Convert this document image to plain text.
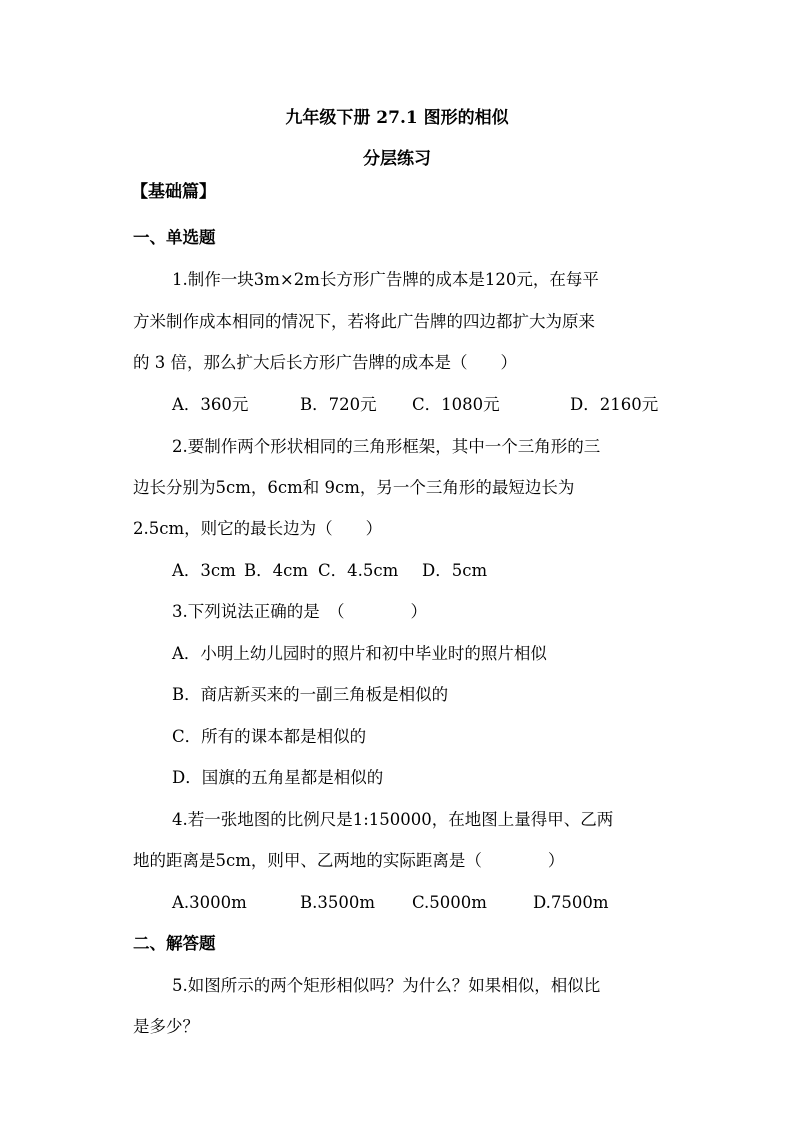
九年级下册 27.1 图形的相似
分层练习
【基础篇】
一、单选题
1.制作一块3m×2m长方形广告牌的成本是120元，在每平
方米制作成本相同的情况下，若将此广告牌的四边都扩大为原来
的 3 倍，那么扩大后长方形广告牌的成本是（　　）
A．360元	B．720元 C．1080元	D．2160元
2.要制作两个形状相同的三角形框架，其中一个三角形的三
边长分别为5cm，6cm和 9cm，另一个三角形的最短边长为
2.5cm，则它的最长边为（　　）
A．3cm B．4cm C．4.5cm D．5cm
3.下列说法正确的是　（　　　　）
A．小明上幼儿园时的照片和初中毕业时的照片相似
B．商店新买来的一副三角板是相似的
C．所有的课本都是相似的
D．国旗的五角星都是相似的
4.若一张地图的比例尺是1:150000，在地图上量得甲、乙两
地的距离是5cm，则甲、乙两地的实际距离是（　　　　）
A.3000m	B.3500m C.5000m	D.7500m
二、解答题
5.如图所示的两个矩形相似吗？为什么？如果相似，相似比
是多少？
